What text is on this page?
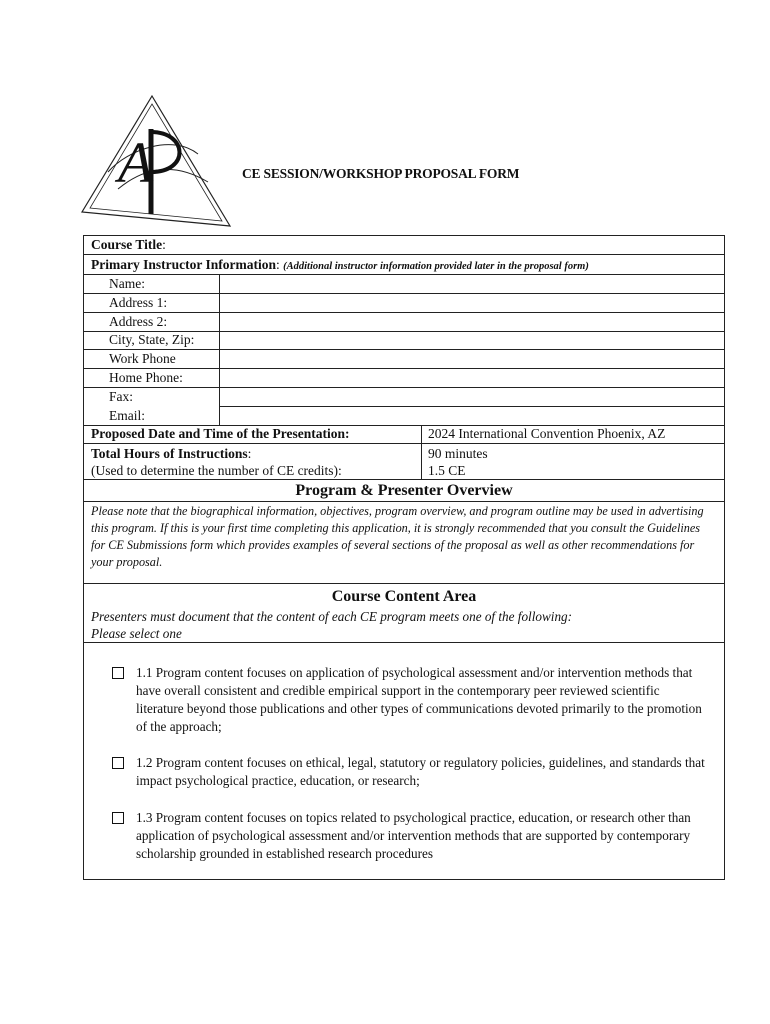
A	CE SESSION/WORKSHOP PROPOSAL FORM
Course Title:
Primary Instructor Information: (Additional instructor information provided later in the proposal form)
Name:
Address 1:
Address 2:
City, State, Zip:
Work Phone
Home Phone:
Fax:
Email:
Proposed Date and Time of the Presentation:	2024 International Convention Phoenix, AZ
Total Hours of Instructions:
(Used to determine the number of CE credits):
90 minutes
1.5 CE
Program & Presenter Overview
Please note that the biographical information, objectives, program overview, and program outline may be used in advertising this program. If this is your first time completing this application, it is strongly recommended that you consult the Guidelines for CE Submissions form which provides examples of several sections of the proposal as well as other recommendations for your proposal.
Course Content Area
Presenters must document that the content of each CE program meets one of the following:
Please select one
1.1 Program content focuses on application of psychological assessment and/or intervention methods that have overall consistent and credible empirical support in the contemporary peer reviewed scientific literature beyond those publications and other types of communications devoted primarily to the promotion of the approach;
1.2 Program content focuses on ethical, legal, statutory or regulatory policies, guidelines, and standards that impact psychological practice, education, or research;
1.3 Program content focuses on topics related to psychological practice, education, or research other than application of psychological assessment and/or intervention methods that are supported by contemporary scholarship grounded in established research procedures
